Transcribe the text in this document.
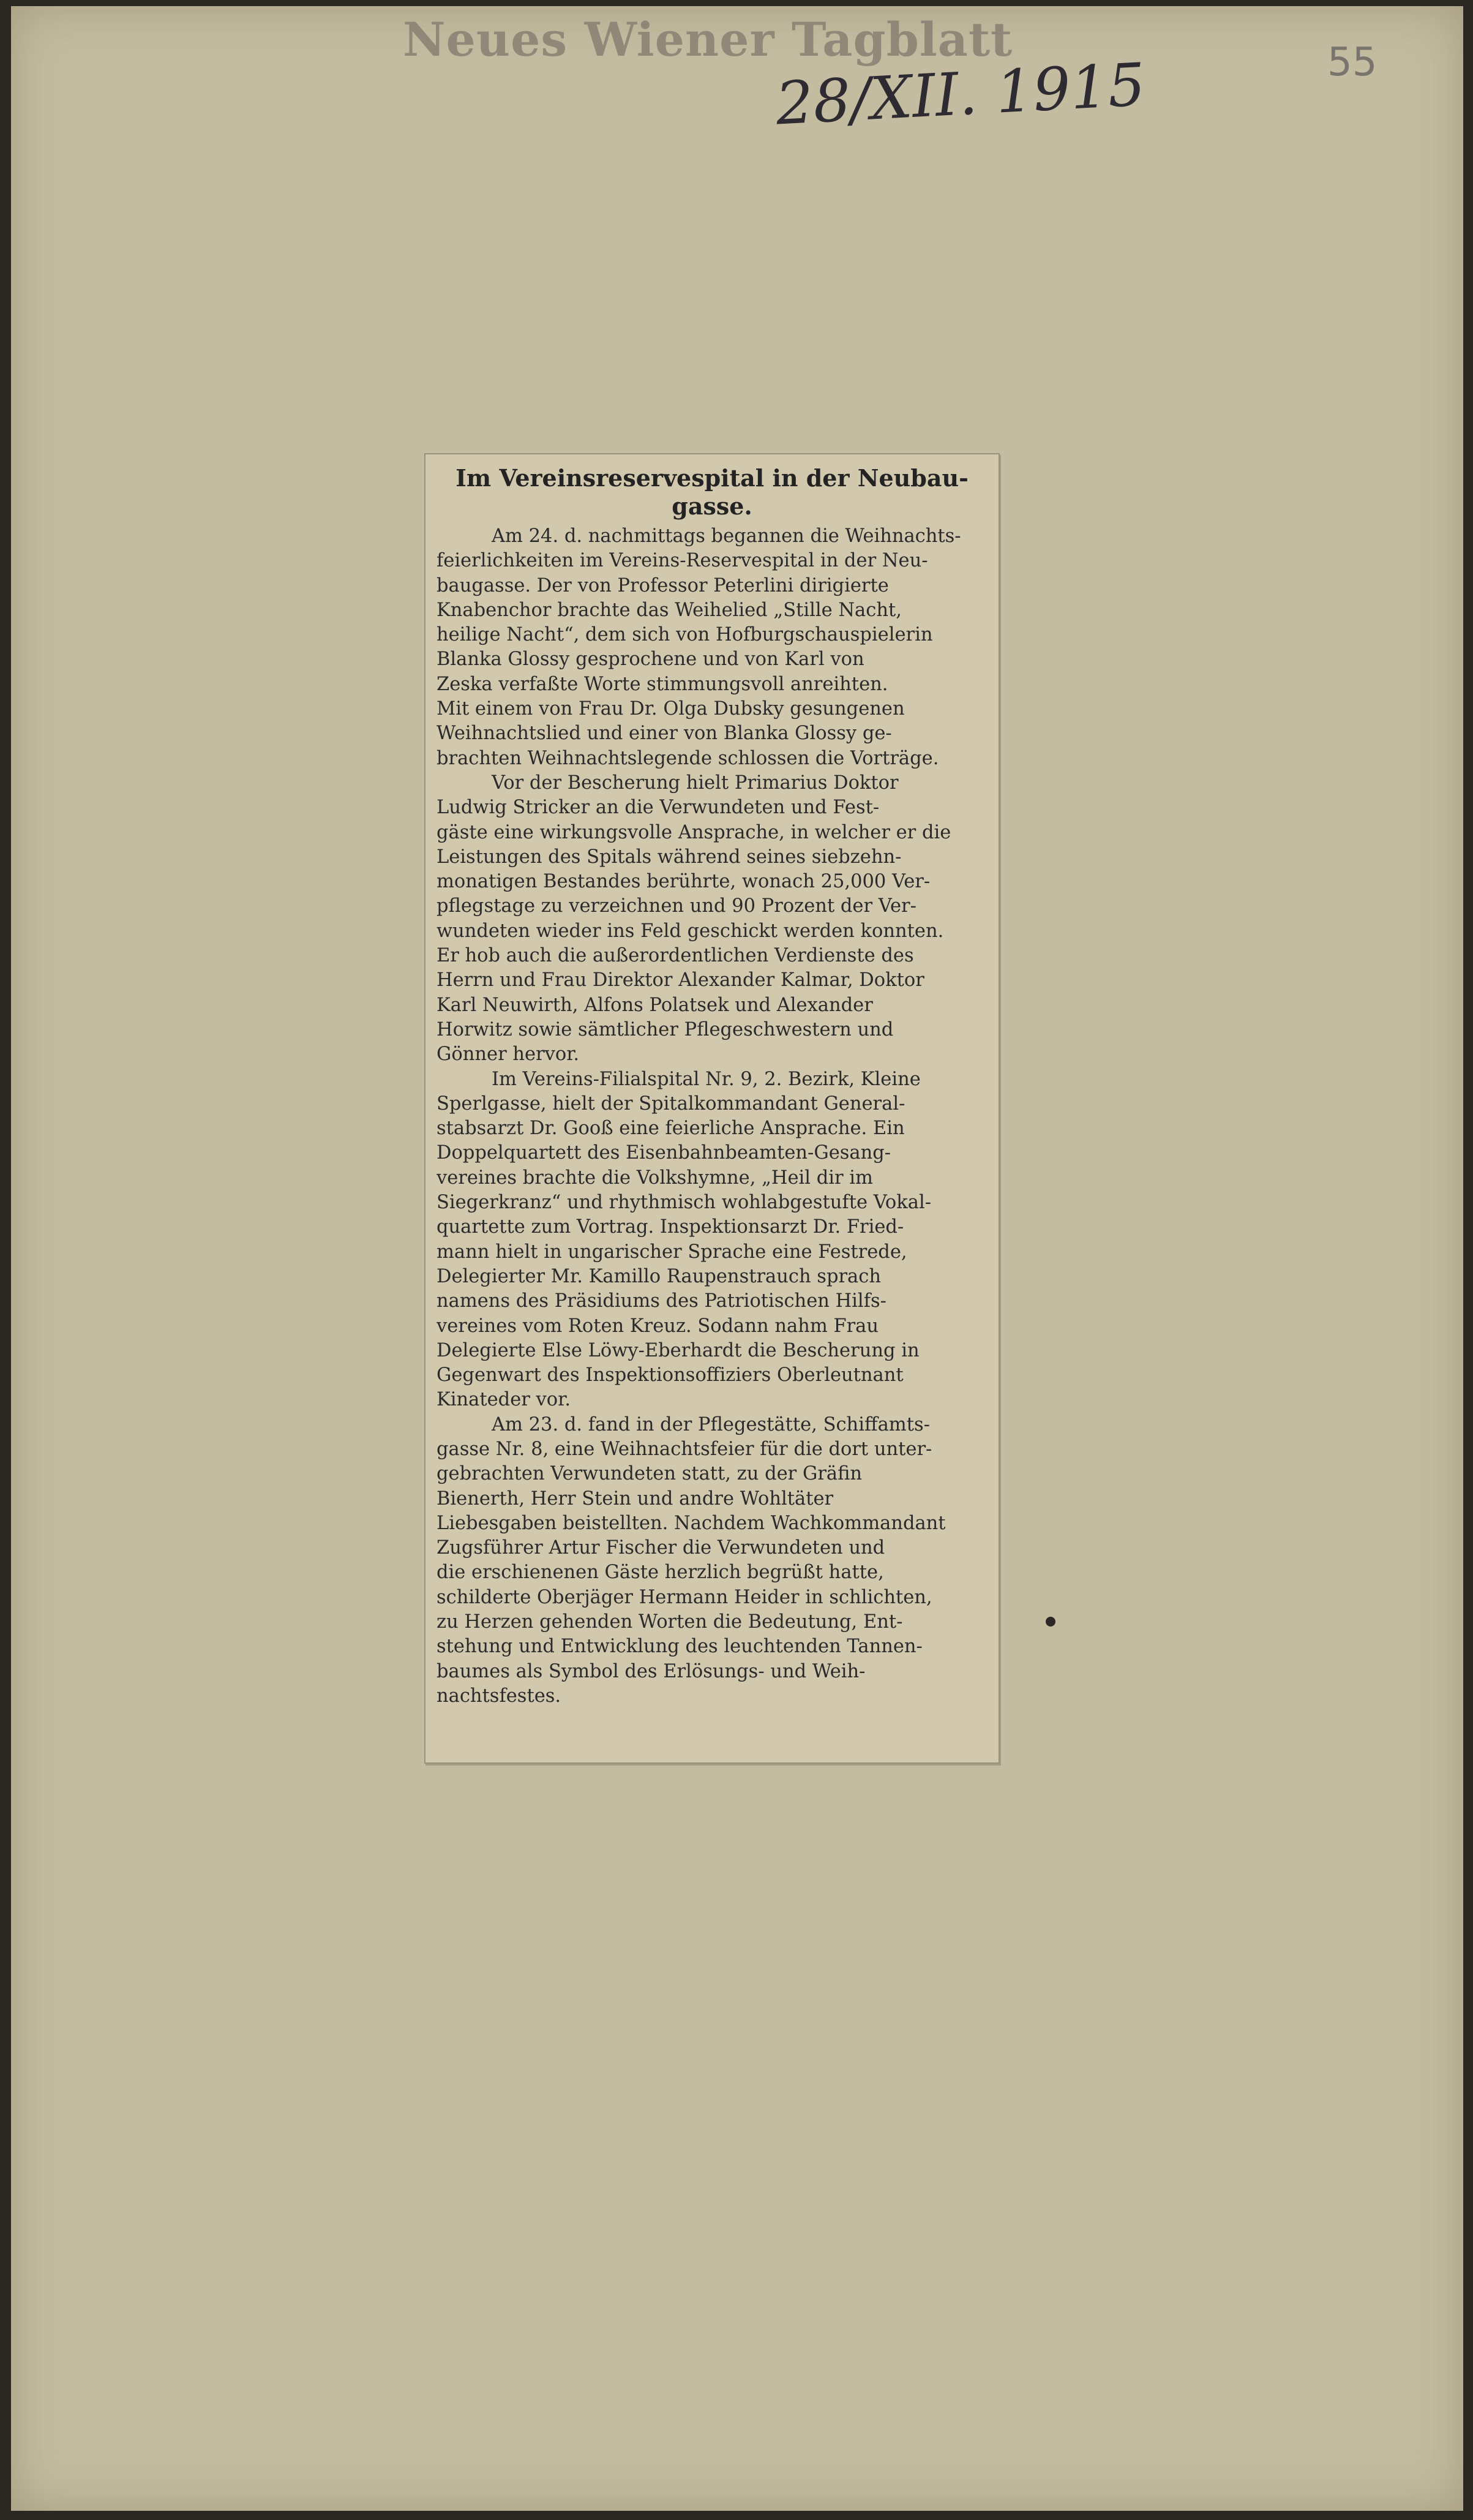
Neues Wiener Tagblatt
28/XII. 1915	55
Im Vereinsreservespital in der Neubau-
gasse.

Am 24. d. nachmittags begannen die Weihnachts-
feierlichkeiten im Vereins-Reservespital in der Neu-
baugasse. Der von Professor Peterlini dirigierte
Knabenchor brachte das Weihelied „Stille Nacht,
heilige Nacht“, dem sich von Hofburgschauspielerin
Blanka Glossy gesprochene und von Karl von
Zeska verfaßte Worte stimmungsvoll anreihten.
Mit einem von Frau Dr. Olga Dubsky gesungenen
Weihnachtslied und einer von Blanka Glossy ge-
brachten Weihnachtslegende schlossen die Vorträge.

Vor der Bescherung hielt Primarius Doktor
Ludwig Stricker an die Verwundeten und Fest-
gäste eine wirkungsvolle Ansprache, in welcher er die
Leistungen des Spitals während seines siebzehn-
monatigen Bestandes berührte, wonach 25,000 Ver-
pflegstage zu verzeichnen und 90 Prozent der Ver-
wundeten wieder ins Feld geschickt werden konnten.
Er hob auch die außerordentlichen Verdienste des
Herrn und Frau Direktor Alexander Kalmar, Doktor
Karl Neuwirth, Alfons Polatsek und Alexander
Horwitz sowie sämtlicher Pflegeschwestern und
Gönner hervor.

Im Vereins-Filialspital Nr. 9, 2. Bezirk, Kleine
Sperlgasse, hielt der Spitalkommandant General-
stabsarzt Dr. Gooß eine feierliche Ansprache. Ein
Doppelquartett des Eisenbahnbeamten-Gesang-
vereines brachte die Volkshymne, „Heil dir im
Siegerkranz“ und rhythmisch wohlabgestufte Vokal-
quartette zum Vortrag. Inspektionsarzt Dr. Fried-
mann hielt in ungarischer Sprache eine Festrede,
Delegierter Mr. Kamillo Raupenstrauch sprach
namens des Präsidiums des Patriotischen Hilfs-
vereines vom Roten Kreuz. Sodann nahm Frau
Delegierte Else Löwy-Eberhardt die Bescherung in
Gegenwart des Inspektionsoffiziers Oberleutnant
Kinateder vor.

Am 23. d. fand in der Pflegestätte, Schiffamts-
gasse Nr. 8, eine Weihnachtsfeier für die dort unter-
gebrachten Verwundeten statt, zu der Gräfin
Bienerth, Herr Stein und andre Wohltäter
Liebesgaben beistellten. Nachdem Wachkommandant
Zugsführer Artur Fischer die Verwundeten und
die erschienenen Gäste herzlich begrüßt hatte,
schilderte Oberjäger Hermann Heider in schlichten,
zu Herzen gehenden Worten die Bedeutung, Ent-
stehung und Entwicklung des leuchtenden Tannen-
baumes als Symbol des Erlösungs- und Weih-
nachtsfestes.
